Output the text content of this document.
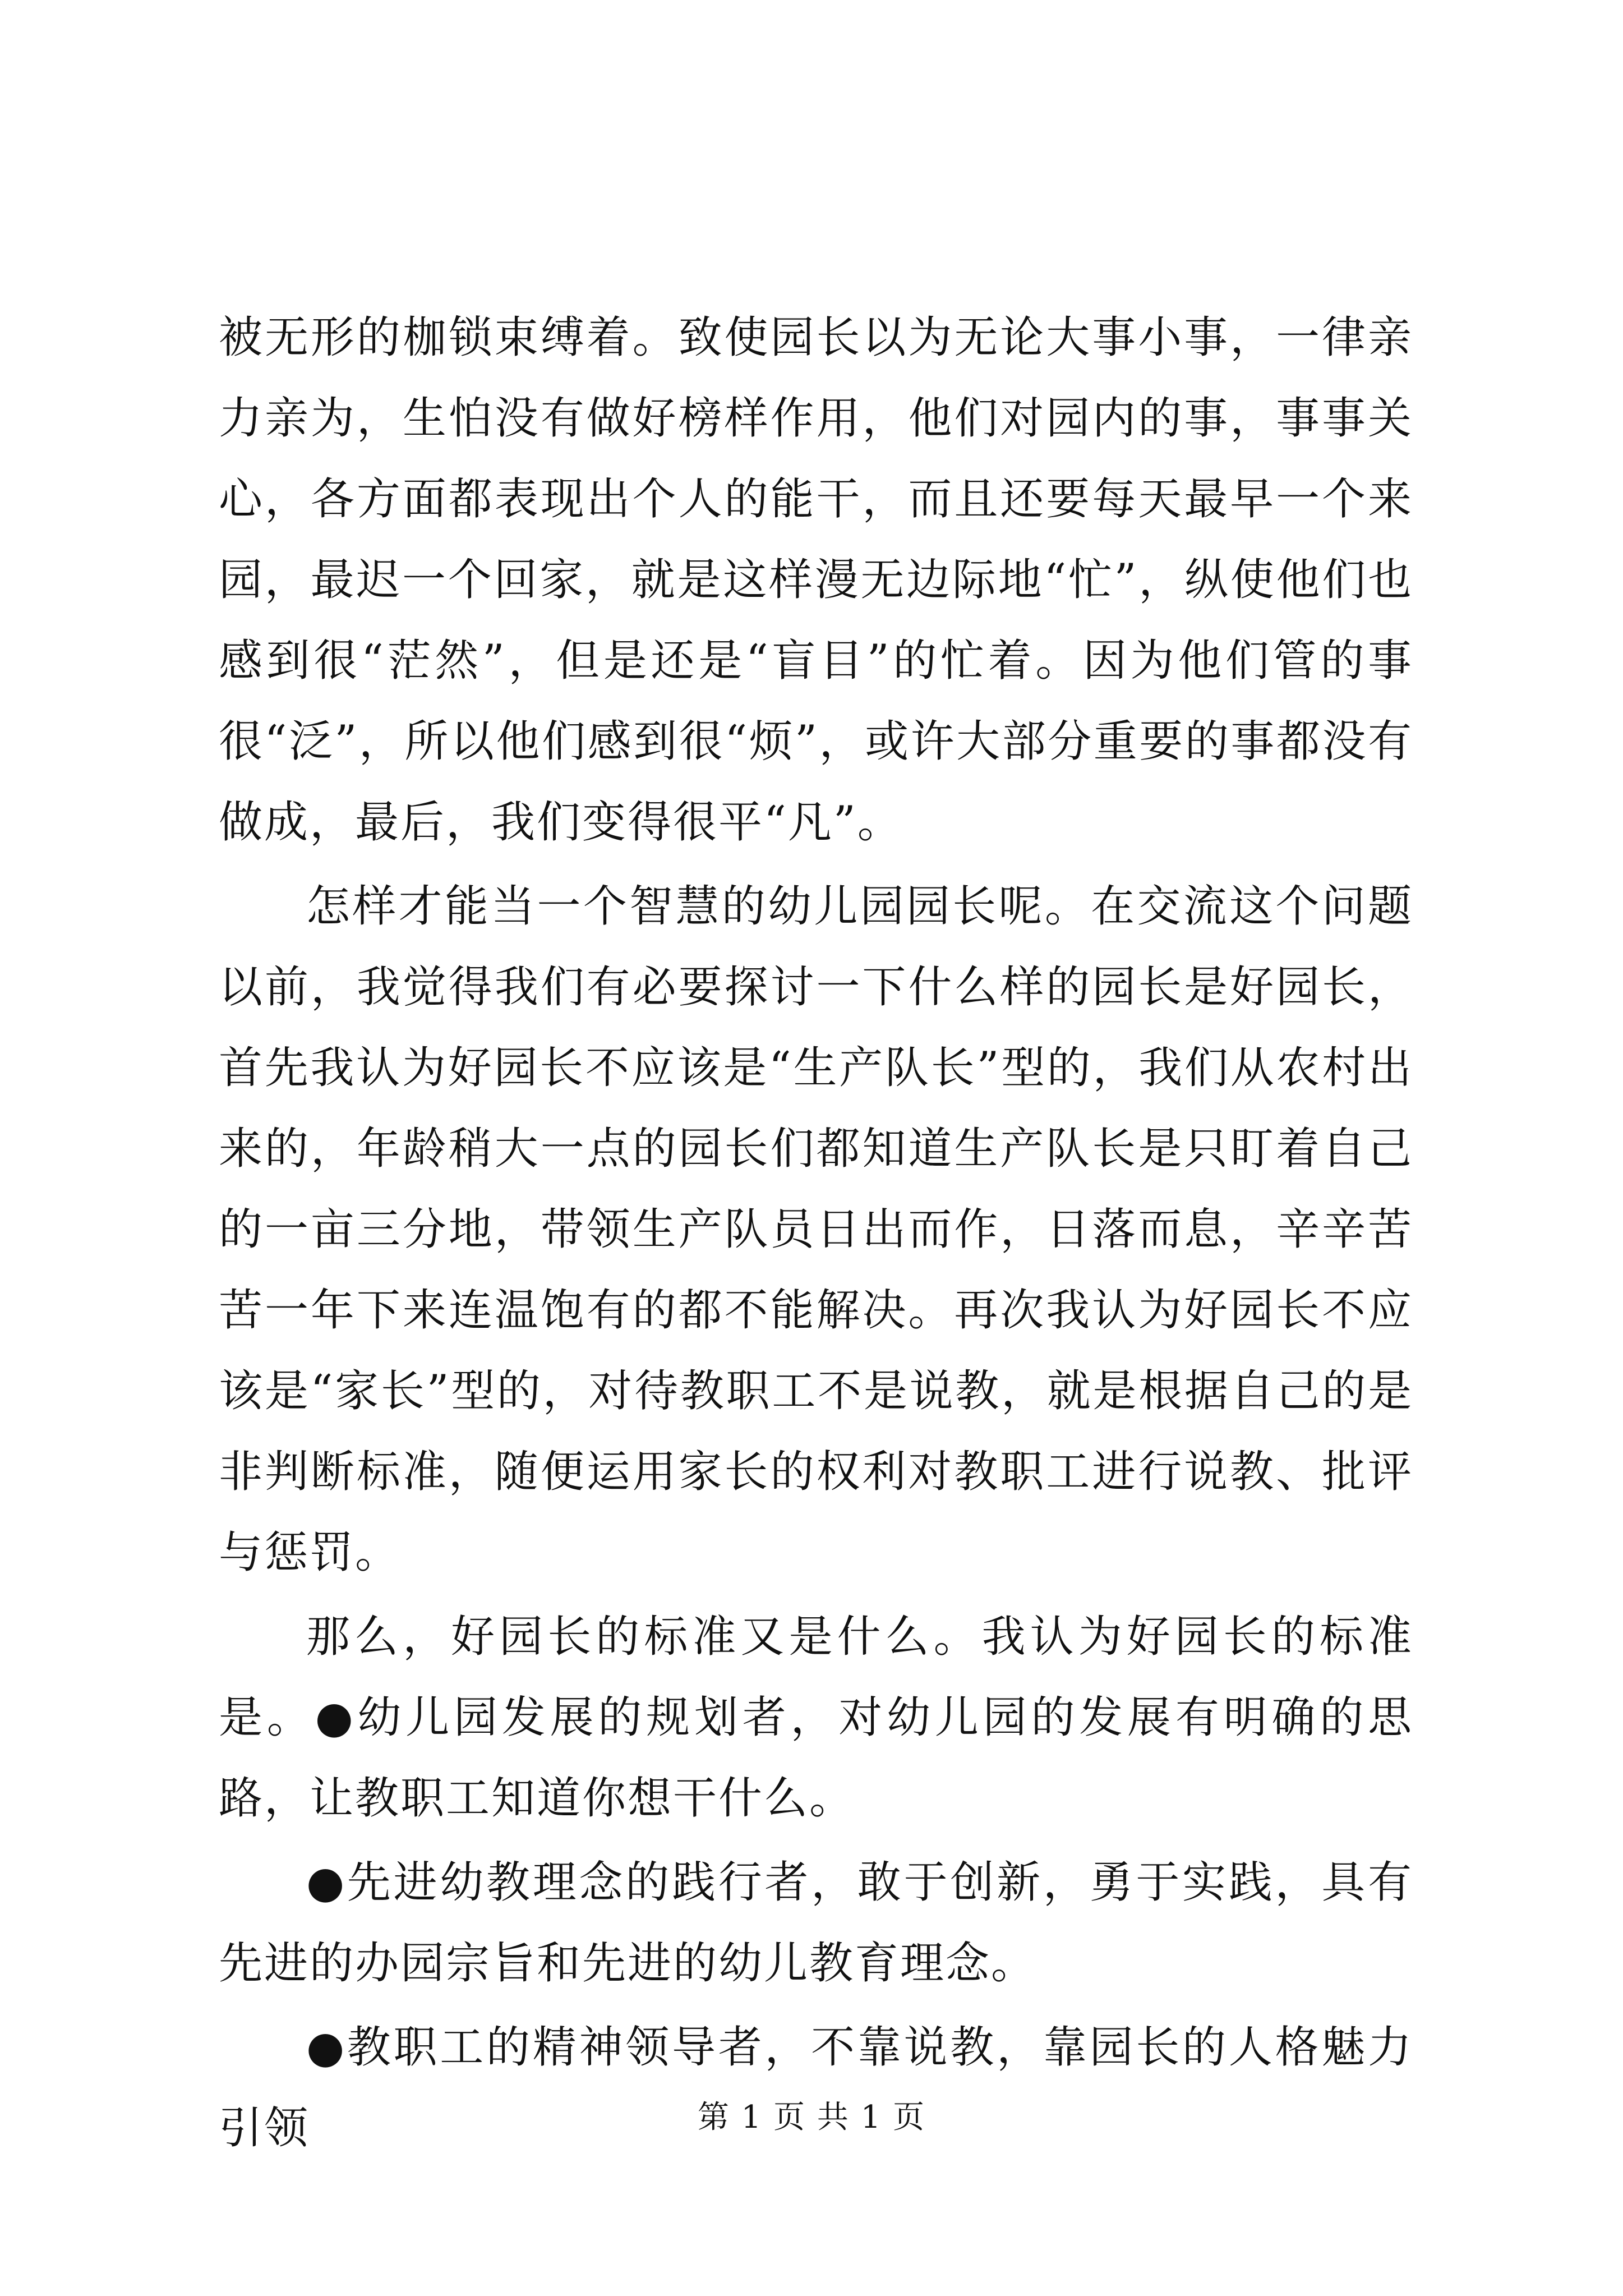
被无形的枷锁束缚着。致使园长以为无论大事小事，一律亲力亲为，生怕没有做好榜样作用，他们对园内的事，事事关心，各方面都表现出个人的能干，而且还要每天最早一个来园，最迟一个回家，就是这样漫无边际地“忙”，纵使他们也感到很“茫然”，但是还是“盲目”的忙着。因为他们管的事很“泛”，所以他们感到很“烦”，或许大部分重要的事都没有做成，最后，我们变得很平“凡”。

怎样才能当一个智慧的幼儿园园长呢。在交流这个问题以前，我觉得我们有必要探讨一下什么样的园长是好园长，首先我认为好园长不应该是“生产队长”型的，我们从农村出来的，年龄稍大一点的园长们都知道生产队长是只盯着自己的一亩三分地，带领生产队员日出而作，日落而息，辛辛苦苦一年下来连温饱有的都不能解决。再次我认为好园长不应该是“家长”型的，对待教职工不是说教，就是根据自己的是非判断标准，随便运用家长的权利对教职工进行说教、批评与惩罚。

那么，好园长的标准又是什么。我认为好园长的标准是。●幼儿园发展的规划者，对幼儿园的发展有明确的思路，让教职工知道你想干什么。

●先进幼教理念的践行者，敢于创新，勇于实践，具有先进的办园宗旨和先进的幼儿教育理念。

●教职工的精神领导者，不靠说教，靠园长的人格魅力引领	第 1 页 共 1 页
